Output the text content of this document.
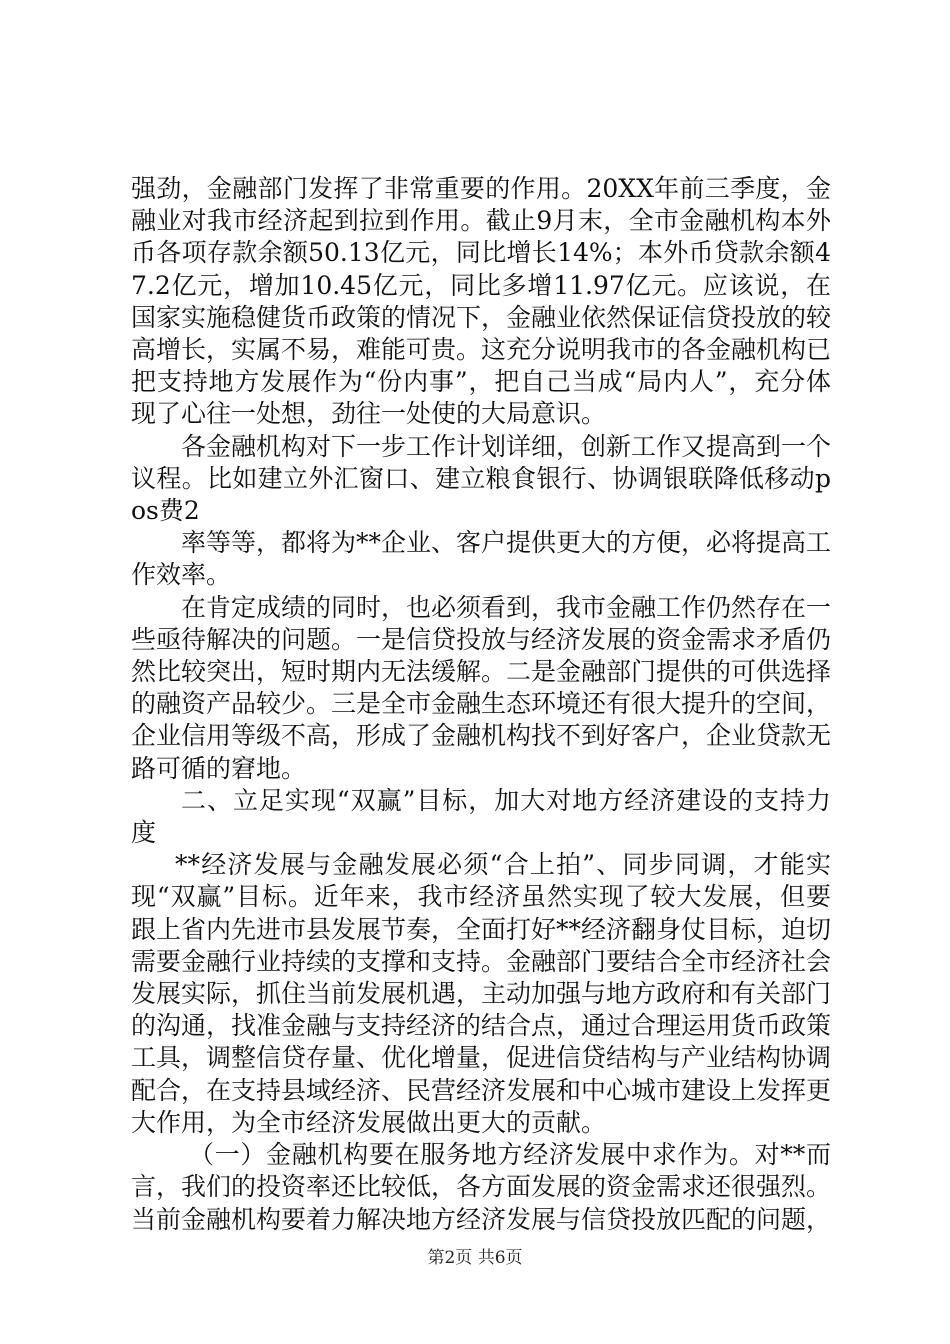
强劲，金融部门发挥了非常重要的作用。20XX年前三季度，金融业对我市经济起到拉到作用。截止9月末，全市金融机构本外币各项存款余额50.13亿元，同比增长14%；本外币贷款余额47.2亿元，增加10.45亿元，同比多增11.97亿元。应该说，在国家实施稳健货币政策的情况下，金融业依然保证信贷投放的较高增长，实属不易，难能可贵。这充分说明我市的各金融机构已把支持地方发展作为“份内事”，把自己当成“局内人”，充分体现了心往一处想，劲往一处使的大局意识。

各金融机构对下一步工作计划详细，创新工作又提高到一个议程。比如建立外汇窗口、建立粮食银行、协调银联降低移动pos费2

率等等，都将为**企业、客户提供更大的方便，必将提高工作效率。

在肯定成绩的同时，也必须看到，我市金融工作仍然存在一些亟待解决的问题。一是信贷投放与经济发展的资金需求矛盾仍然比较突出，短时期内无法缓解。二是金融部门提供的可供选择的融资产品较少。三是全市金融生态环境还有很大提升的空间，企业信用等级不高，形成了金融机构找不到好客户，企业贷款无路可循的窘地。

二、立足实现“双赢”目标，加大对地方经济建设的支持力度

**经济发展与金融发展必须“合上拍”、同步同调，才能实现“双赢”目标。近年来，我市经济虽然实现了较大发展，但要跟上省内先进市县发展节奏，全面打好**经济翻身仗目标，迫切需要金融行业持续的支撑和支持。金融部门要结合全市经济社会发展实际，抓住当前发展机遇，主动加强与地方政府和有关部门的沟通，找准金融与支持经济的结合点，通过合理运用货币政策工具，调整信贷存量、优化增量，促进信贷结构与产业结构协调配合，在支持县域经济、民营经济发展和中心城市建设上发挥更大作用，为全市经济发展做出更大的贡献。

（一）金融机构要在服务地方经济发展中求作为。对**而言，我们的投资率还比较低，各方面发展的资金需求还很强烈。当前金融机构要着力解决地方经济发展与信贷投放匹配的问题，

第2页 共6页
